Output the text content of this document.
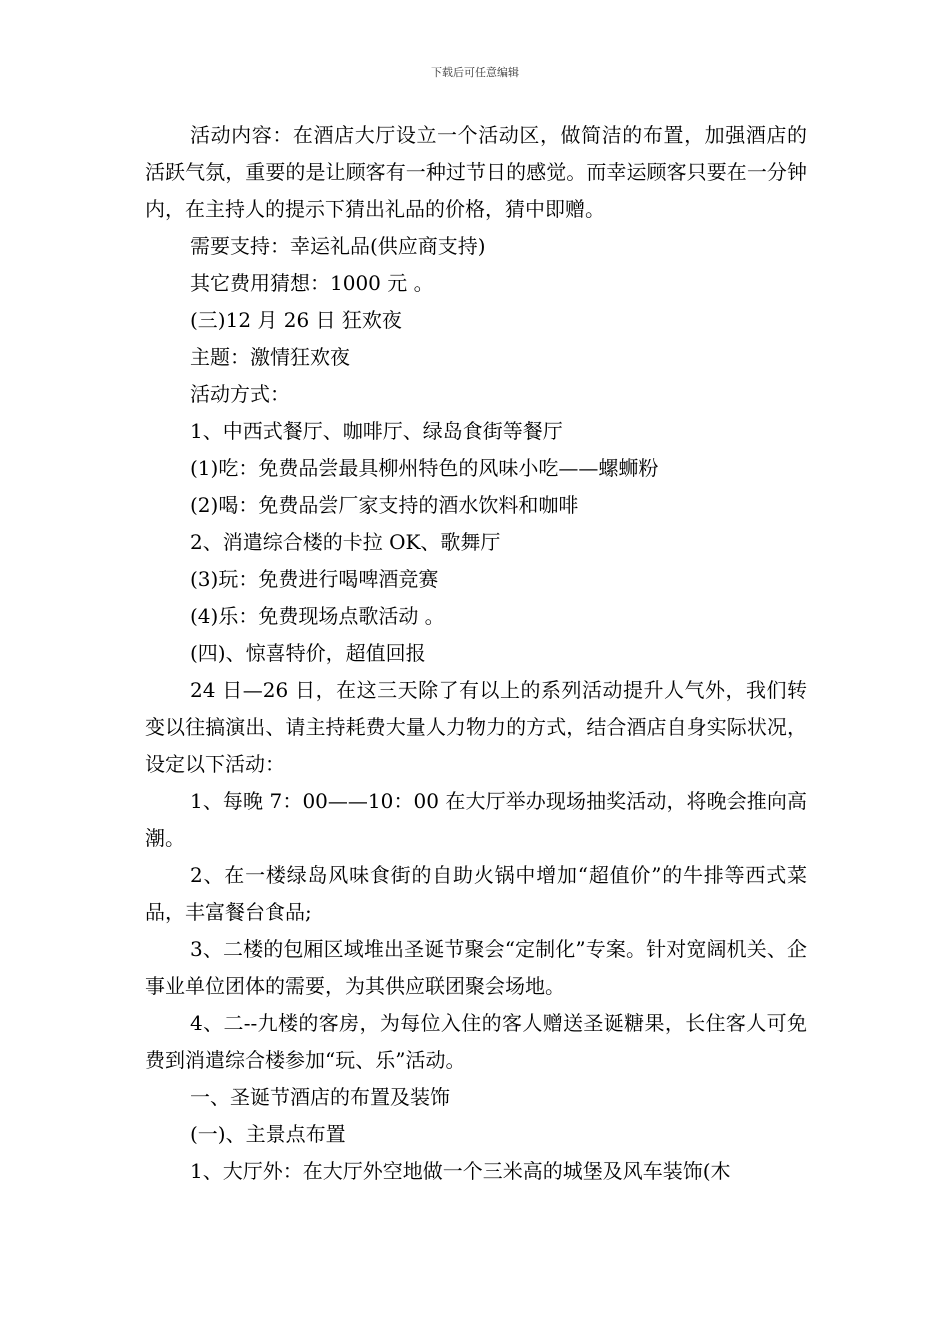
下载后可任意编辑

活动内容：在酒店大厅设立一个活动区，做简洁的布置，加强酒店的活跃气氛，重要的是让顾客有一种过节日的感觉。而幸运顾客只要在一分钟内，在主持人的提示下猜出礼品的价格，猜中即赠。

需要支持：幸运礼品(供应商支持)

其它费用猜想：1000 元 。

(三)12 月 26 日 狂欢夜

主题：激情狂欢夜

活动方式：

1、中西式餐厅、咖啡厅、绿岛食街等餐厅

(1)吃：免费品尝最具柳州特色的风味小吃——螺蛳粉

(2)喝：免费品尝厂家支持的酒水饮料和咖啡

2、消遣综合楼的卡拉 OK、歌舞厅

(3)玩：免费进行喝啤酒竞赛

(4)乐：免费现场点歌活动 。

(四)、惊喜特价，超值回报

24 日—26 日，在这三天除了有以上的系列活动提升人气外，我们转变以往搞演出、请主持耗费大量人力物力的方式，结合酒店自身实际状况，设定以下活动：

1、每晚 7：00——10：00 在大厅举办现场抽奖活动，将晚会推向高潮。

2、在一楼绿岛风味食街的自助火锅中增加“超值价”的牛排等西式菜品，丰富餐台食品;

3、二楼的包厢区域堆出圣诞节聚会“定制化”专案。针对宽阔机关、企事业单位团体的需要，为其供应联团聚会场地。

4、二--九楼的客房，为每位入住的客人赠送圣诞糖果，长住客人可免费到消遣综合楼参加“玩、乐”活动。

一、圣诞节酒店的布置及装饰

(一)、主景点布置

1、大厅外：在大厅外空地做一个三米高的城堡及风车装饰(木
